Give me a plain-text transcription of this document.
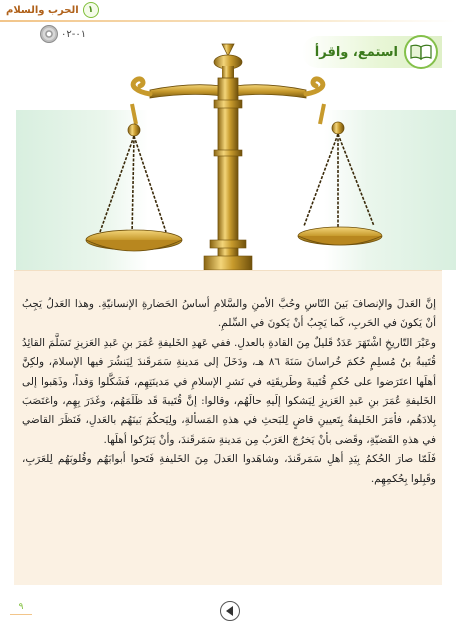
١
الحرب والسلام
٠١-٠٢
استمع، واقرأ

إنَّ العَدلَ والإنصافَ بَينَ النّاسِ وحُبَّ الأمنِ والسَّلامِ أساسُ الحَضارةِ الإنسانيّةِ. وهذا العَدلُ يَجِبُ أنْ يَكونَ في الحَربِ، كَما يَجِبُ أنْ يَكونَ في السِّلمِ.

وعَبْرَ التّاريخِ اشْتَهَرَ عَدَدٌ قَليلٌ مِنَ القادةِ بالعدلِ. ففي عَهدِ الخَليفةِ عُمَرَ بنِ عَبدِ العَزيزِ تَسَلَّمَ القائِدُ قُتَيبةُ بنُ مُسلِمٍ حُكمَ خُراسانَ سَنَةَ ٨٦ هـ، ودَخَلَ إلى مَدينةِ سَمَرقَندَ لِيَنشُرَ فيها الإسلامَ، ولكِنَّ أهلَها اعتَرَضوا على حُكمِ قُتَيبةَ وطَريقَتِه في نَشرِ الإسلامِ في مَدينَتِهِم، فَشَكَّلوا وَفداً، وذَهَبوا إلى الخَليفةِ عُمَرَ بنِ عَبدِ العَزيزِ لِيَشكوا إلَيهِ حالَهُم، وقالوا: إنَّ قُتَيبةَ قَد ظَلَمَهُم، وغَدَرَ بِهِم، واغتَصَبَ بِلادَهُم، فأمَرَ الخَليفةُ بِتَعيينِ قاضٍ لِلبَحثِ في هذهِ المَسألةِ، ولِيَحكُمَ بَينَهُم بالعَدلِ، فَنَظَرَ القاضي في هذهِ القَضيّةِ، وقَضى بأنْ يَخرُجَ العَرَبُ مِن مَدينةِ سَمَرقَندَ، وأنْ يَترُكوا أهلَها.

فَلَمّا صارَ الحُكمُ بِيَدِ أهلِ سَمَرقَندَ، وشاهَدوا العَدلَ مِنَ الخَليفةِ فَتَحوا أبوابَهُم وقُلوبَهُم لِلعَرَبِ، وقَبِلوا بِحُكمِهِم.

٩
